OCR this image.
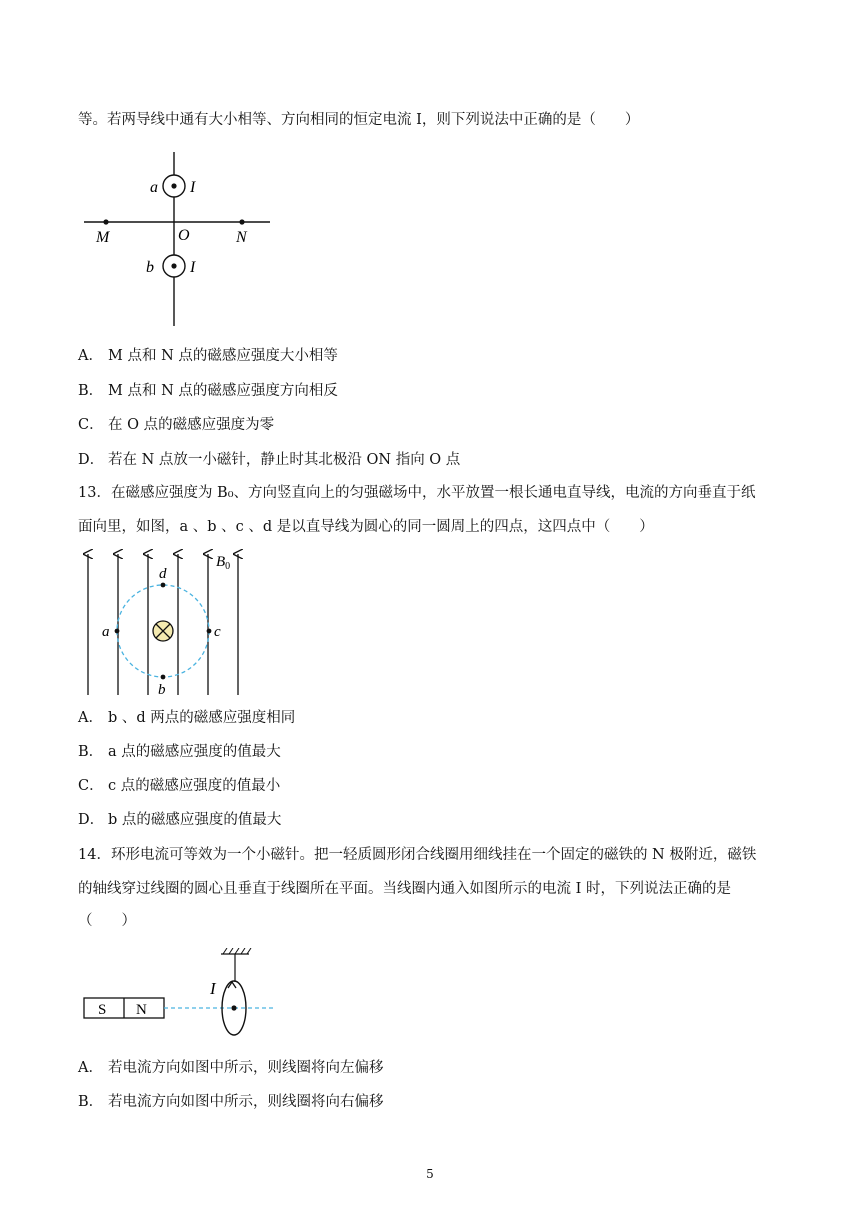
等。若两导线中通有大小相等、方向相同的恒定电流 I，则下列说法中正确的是（　　）
a I
M	O	N
b I
A． M 点和 N 点的磁感应强度大小相等
B． M 点和 N 点的磁感应强度方向相反
C． 在 O 点的磁感应强度为零
D． 若在 N 点放一小磁针，静止时其北极沿 ON 指向 O 点
13．在磁感应强度为 B₀、方向竖直向上的匀强磁场中，水平放置一根长通电直导线，电流的方向垂直于纸
面向里，如图，a 、b 、c 、d 是以直导线为圆心的同一圆周上的四点，这四点中（　　）
$B_0$
d
a	c
b
A． b 、d 两点的磁感应强度相同
B． a 点的磁感应强度的值最大
C． c 点的磁感应强度的值最小
D． b 点的磁感应强度的值最大
14．环形电流可等效为一个小磁针。把一轻质圆形闭合线圈用细线挂在一个固定的磁铁的 N 极附近，磁铁
的轴线穿过线圈的圆心且垂直于线圈所在平面。当线圈内通入如图所示的电流 I 时，下列说法正确的是
（　　）
S N
I
A． 若电流方向如图中所示，则线圈将向左偏移
B． 若电流方向如图中所示，则线圈将向右偏移
5
